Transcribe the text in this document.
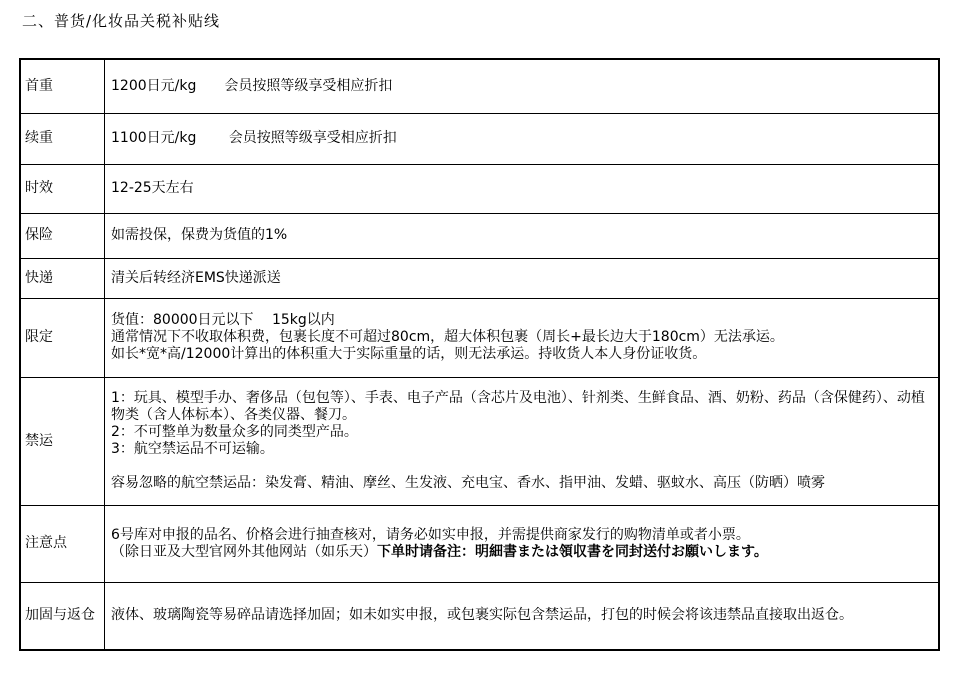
二、普货/化妆品关税补贴线
首重	1200日元/kg　　会员按照等级享受相应折扣

续重	1100日元/kg　　 会员按照等级享受相应折扣

时效	12-25天左右

保险	如需投保，保费为货值的1%

快递	清关后转经济EMS快递派送

限定	货值：80000日元以下　 15kg以内
通常情况下不收取体积费，包裹长度不可超过80cm，超大体积包裹（周长+最长边大于180cm）无法承运。
如长*宽*高/12000计算出的体积重大于实际重量的话，则无法承运。持收货人本人身份证收货。

禁运	1：玩具、模型手办、奢侈品（包包等）、手表、电子产品（含芯片及电池）、针剂类、生鲜食品、酒、奶粉、药品（含保健药）、动植物类（含人体标本）、各类仪器、餐刀。
2：不可整单为数量众多的同类型产品。
3：航空禁运品不可运输。
容易忽略的航空禁运品：染发膏、精油、摩丝、生发液、充电宝、香水、指甲油、发蜡、驱蚊水、高压（防晒）喷雾

注意点	6号库对申报的品名、价格会进行抽查核对，请务必如实申报，并需提供商家发行的购物清单或者小票。
（除日亚及大型官网外其他网站（如乐天）下单时请备注：明細書または領収書を同封送付お願いします。

加固与返仓	液体、玻璃陶瓷等易碎品请选择加固；如未如实申报，或包裹实际包含禁运品，打包的时候会将该违禁品直接取出返仓。
